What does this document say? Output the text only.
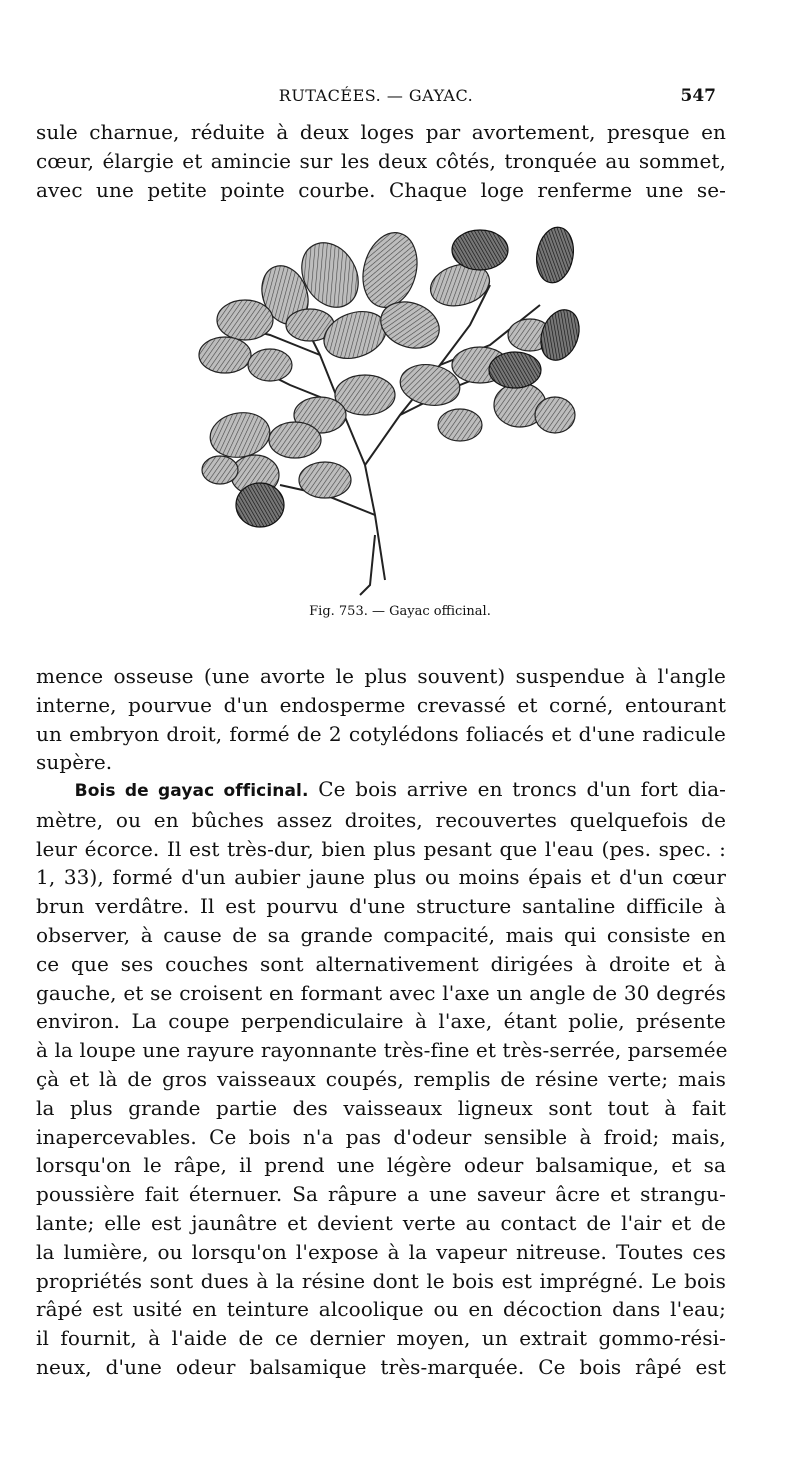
RUTACÉES. — GAYAC.	547
sule charnue, réduite à deux loges par avortement, presque en
cœur, élargie et amincie sur les deux côtés, tronquée au sommet,
avec une petite pointe courbe. Chaque loge renferme une se-
Fig. 753. — Gayac officinal.
mence osseuse (une avorte le plus souvent) suspendue à l'angle
interne, pourvue d'un endosperme crevassé et corné, entourant
un embryon droit, formé de 2 cotylédons foliacés et d'une radicule
supère.
Bois de gayac officinal. Ce bois arrive en troncs d'un fort dia-
mètre, ou en bûches assez droites, recouvertes quelquefois de
leur écorce. Il est très-dur, bien plus pesant que l'eau (pes. spec. :
1, 33), formé d'un aubier jaune plus ou moins épais et d'un cœur
brun verdâtre. Il est pourvu d'une structure santaline difficile à
observer, à cause de sa grande compacité, mais qui consiste en
ce que ses couches sont alternativement dirigées à droite et à
gauche, et se croisent en formant avec l'axe un angle de 30 degrés
environ. La coupe perpendiculaire à l'axe, étant polie, présente
à la loupe une rayure rayonnante très-fine et très-serrée, parsemée
çà et là de gros vaisseaux coupés, remplis de résine verte; mais
la plus grande partie des vaisseaux ligneux sont tout à fait
inapercevables. Ce bois n'a pas d'odeur sensible à froid; mais,
lorsqu'on le râpe, il prend une légère odeur balsamique, et sa
poussière fait éternuer. Sa râpure a une saveur âcre et strangu-
lante; elle est jaunâtre et devient verte au contact de l'air et de
la lumière, ou lorsqu'on l'expose à la vapeur nitreuse. Toutes ces
propriétés sont dues à la résine dont le bois est imprégné. Le bois
râpé est usité en teinture alcoolique ou en décoction dans l'eau;
il fournit, à l'aide de ce dernier moyen, un extrait gommo-rési-
neux, d'une odeur balsamique très-marquée. Ce bois râpé est
